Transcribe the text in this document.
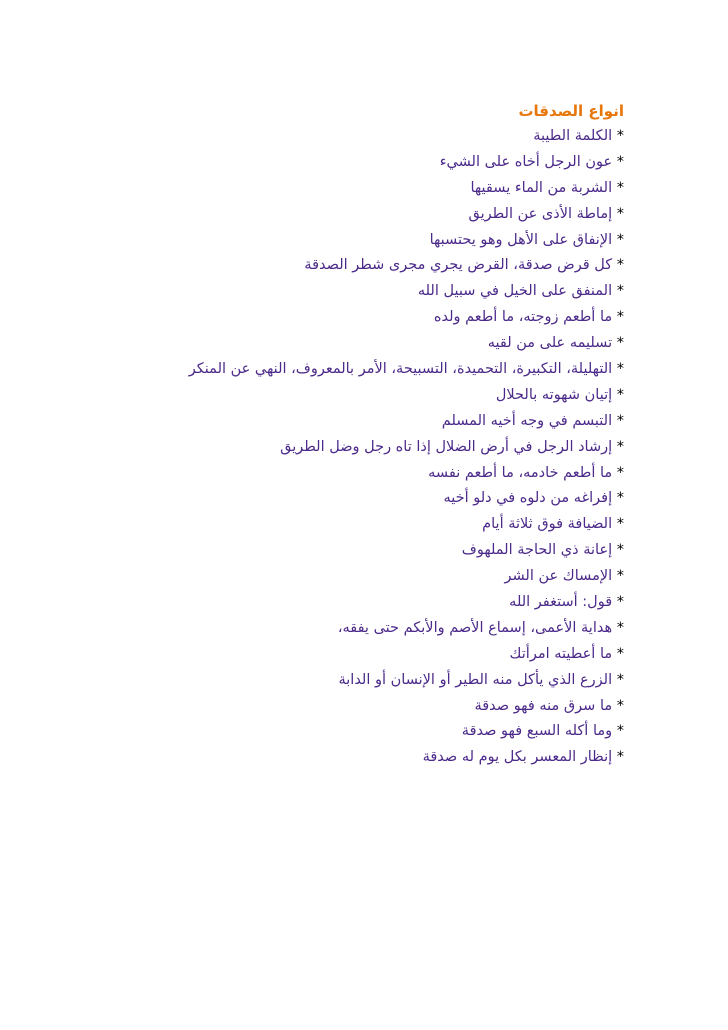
انواع الصدقات
* الكلمة الطيبة
* عون الرجل أخاه على الشيء
* الشربة من الماء يسقيها
* إماطة الأذى عن الطريق
* الإنفاق على الأهل وهو يحتسبها
* كل قرض صدقة، القرض يجري مجرى شطر الصدقة
* المنفق على الخيل في سبيل الله
* ما أطعم زوجته، ما أطعم ولده
* تسليمه على من لقيه
* التهليلة، التكبيرة، التحميدة، التسبيحة، الأمر بالمعروف، النهي عن المنكر
* إتيان شهوته بالحلال
* التبسم في وجه أخيه المسلم
* إرشاد الرجل في أرض الضلال إذا تاه رجل وضل الطريق
* ما أطعم خادمه، ما أطعم نفسه
* إفراغه من دلوه في دلو أخيه
* الضيافة فوق ثلاثة أيام
* إعانة ذي الحاجة الملهوف
* الإمساك عن الشر
* قول: أستغفر الله
* هداية الأعمى، إسماع الأصم والأبكم حتى يفقه،
* ما أعطيته امرأتك
* الزرع الذي يأكل منه الطير أو الإنسان أو الدابة
* ما سرق منه فهو صدقة
* وما أكله السبع فهو صدقة
* إنظار المعسر بكل يوم له صدقة
